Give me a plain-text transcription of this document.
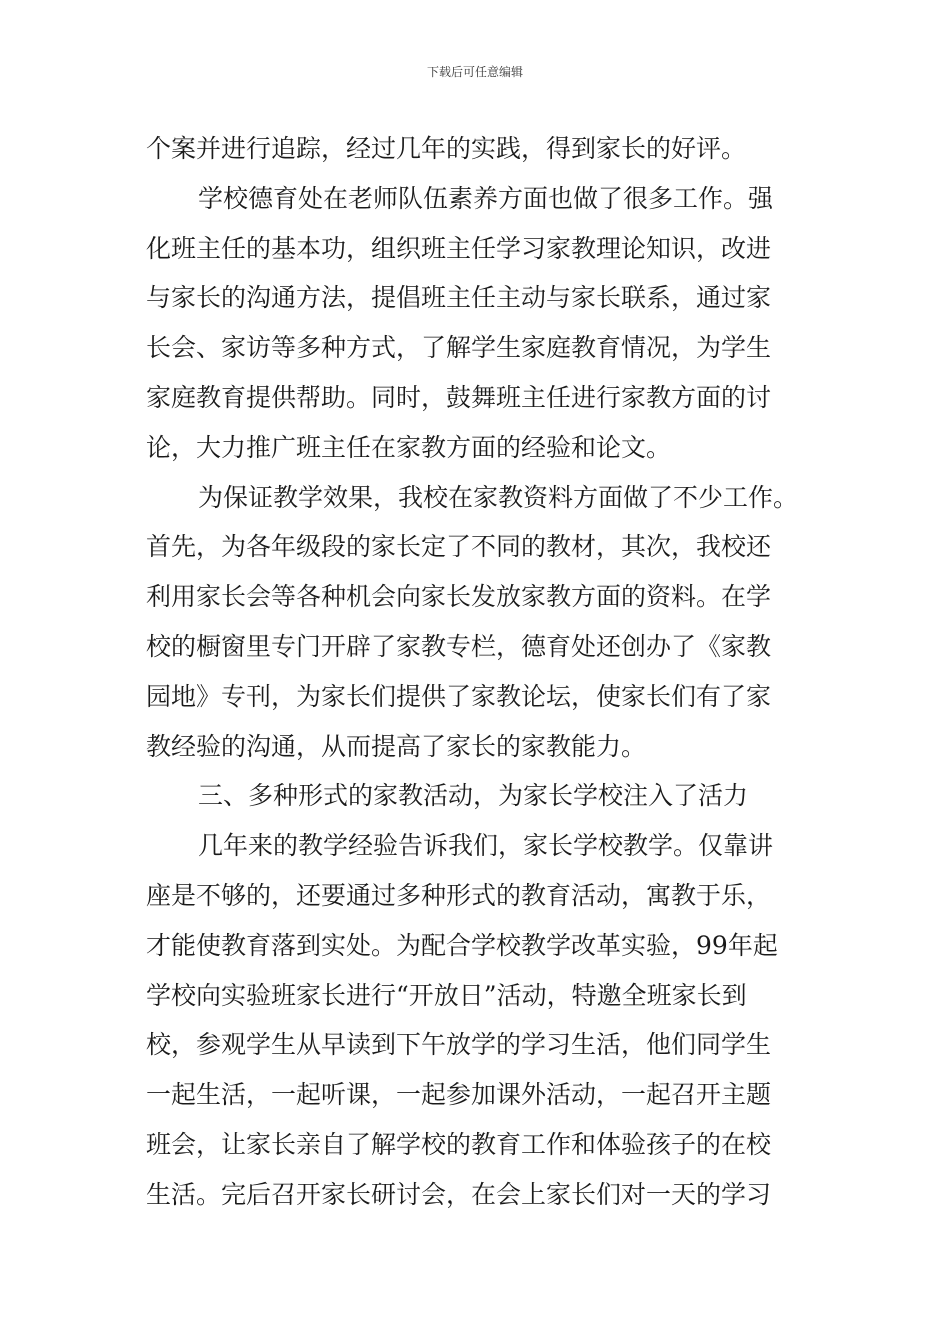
下载后可任意编辑
个案并进行追踪，经过几年的实践，得到家长的好评。
学校德育处在老师队伍素养方面也做了很多工作。强
化班主任的基本功，组织班主任学习家教理论知识，改进
与家长的沟通方法，提倡班主任主动与家长联系，通过家
长会、家访等多种方式，了解学生家庭教育情况，为学生
家庭教育提供帮助。同时，鼓舞班主任进行家教方面的讨
论，大力推广班主任在家教方面的经验和论文。
为保证教学效果，我校在家教资料方面做了不少工作。
首先，为各年级段的家长定了不同的教材，其次，我校还
利用家长会等各种机会向家长发放家教方面的资料。在学
校的橱窗里专门开辟了家教专栏，德育处还创办了《家教
园地》专刊，为家长们提供了家教论坛，使家长们有了家
教经验的沟通，从而提高了家长的家教能力。
三、多种形式的家教活动，为家长学校注入了活力
几年来的教学经验告诉我们，家长学校教学。仅靠讲
座是不够的，还要通过多种形式的教育活动，寓教于乐，
才能使教育落到实处。为配合学校教学改革实验，99年起
学校向实验班家长进行“开放日”活动，特邀全班家长到
校，参观学生从早读到下午放学的学习生活，他们同学生
一起生活，一起听课，一起参加课外活动，一起召开主题
班会，让家长亲自了解学校的教育工作和体验孩子的在校
生活。完后召开家长研讨会，在会上家长们对一天的学习
